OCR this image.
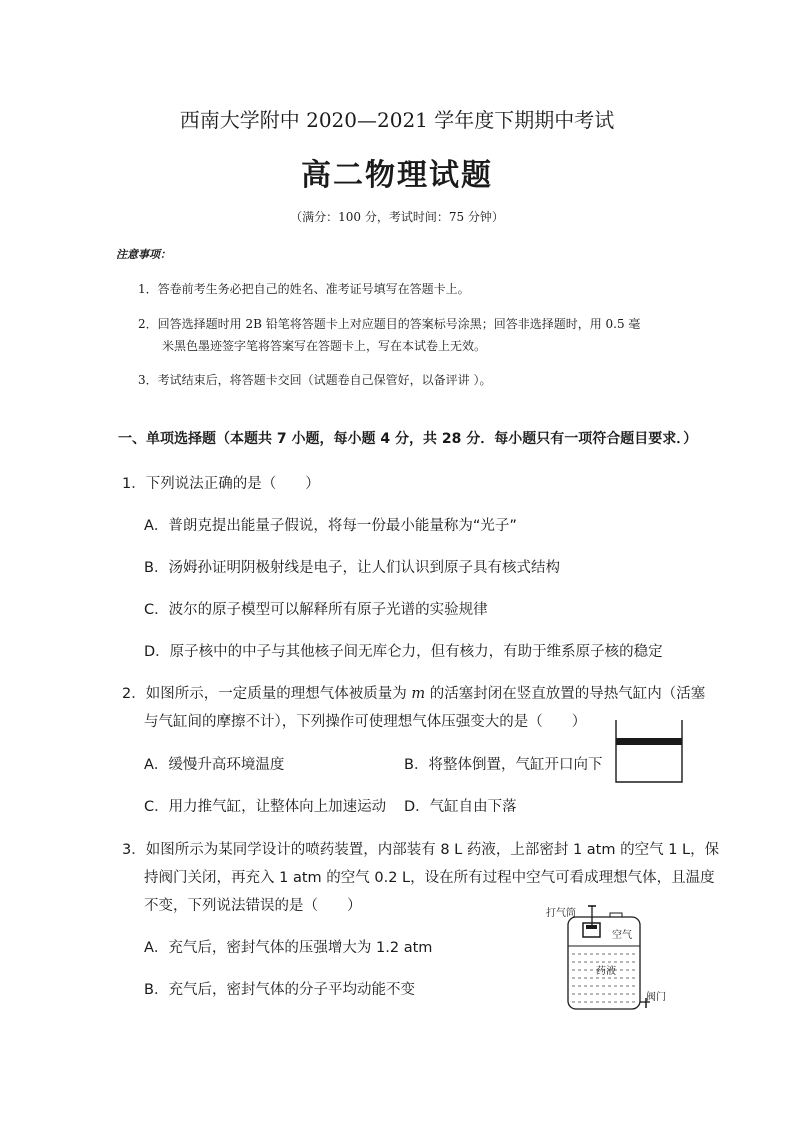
西南大学附中 2020—2021 学年度下期期中考试
高二物理试题
（满分：100 分，考试时间：75 分钟）
注意事项：
1．答卷前考生务必把自己的姓名、准考证号填写在答题卡上。
2．回答选择题时用 2B 铅笔将答题卡上对应题目的答案标号涂黑；回答非选择题时，用 0.5 毫
米黑色墨迹签字笔将答案写在答题卡上，写在本试卷上无效。
3．考试结束后，将答题卡交回（试题卷自己保管好，以备评讲 ）。
一、单项选择题（本题共 7 小题，每小题 4 分，共 28 分．每小题只有一项符合题目要求．）
1．下列说法正确的是（　　）
A．普朗克提出能量子假说，将每一份最小能量称为“光子”
B．汤姆孙证明阴极射线是电子，让人们认识到原子具有核式结构
C．波尔的原子模型可以解释所有原子光谱的实验规律
D．原子核中的中子与其他核子间无库仑力，但有核力，有助于维系原子核的稳定
2．如图所示，一定质量的理想气体被质量为 m 的活塞封闭在竖直放置的导热气缸内（活塞
与气缸间的摩擦不计），下列操作可使理想气体压强变大的是（　　）
A．缓慢升高环境温度	B．将整体倒置，气缸开口向下
C．用力推气缸，让整体向上加速运动 D．气缸自由下落
3．如图所示为某同学设计的喷药装置，内部装有 8 L 药液，上部密封 1 atm 的空气 1 L，保
持阀门关闭，再充入 1 atm 的空气 0.2 L，设在所有过程中空气可看成理想气体，且温度
不变，下列说法错误的是（　　）
A．充气后，密封气体的压强增大为 1.2 atm
B．充气后，密封气体的分子平均动能不变
打气筒
空气
药液
阀门
